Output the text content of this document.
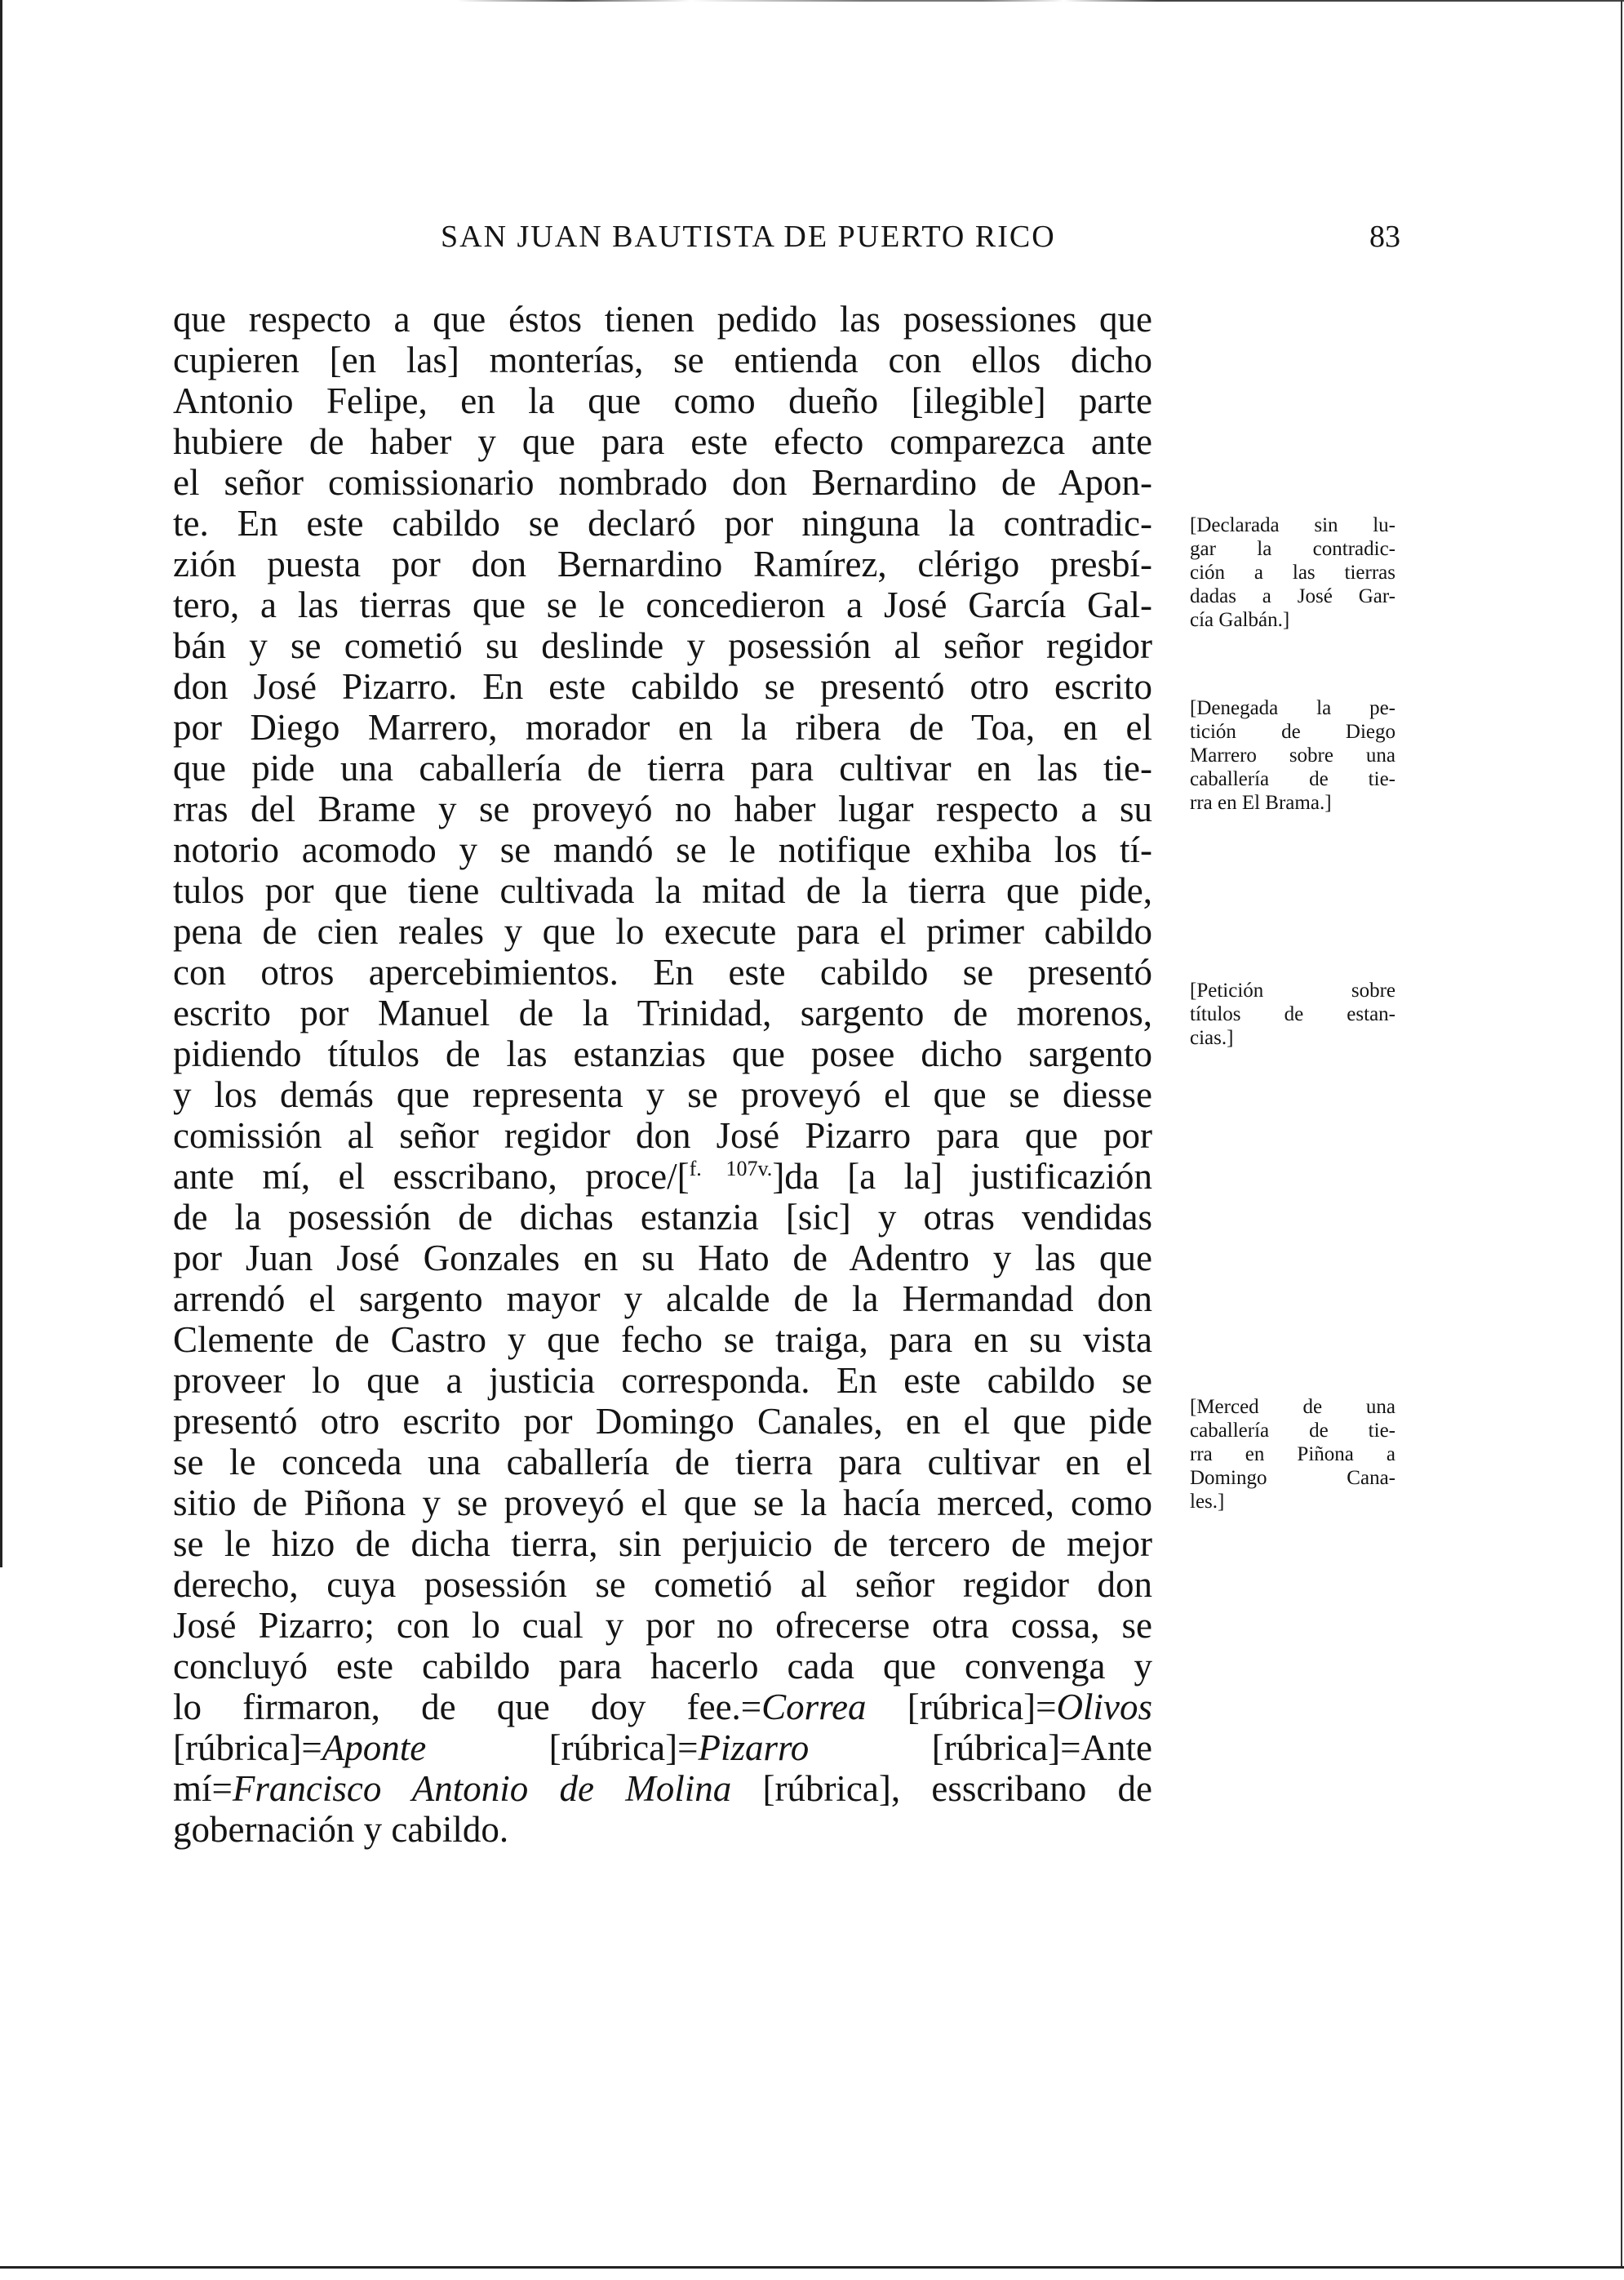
SAN JUAN BAUTISTA DE PUERTO RICO	83
que respecto a que éstos tienen pedido las posessiones que
cupieren [en las] monterías, se entienda con ellos dicho
Antonio Felipe, en la que como dueño [ilegible] parte
hubiere de haber y que para este efecto comparezca ante
el señor comissionario nombrado don Bernardino de Apon-
te. En este cabildo se declaró por ninguna la contradic-
zión puesta por don Bernardino Ramírez, clérigo presbí-
tero, a las tierras que se le concedieron a José García Gal-
bán y se cometió su deslinde y posessión al señor regidor
don José Pizarro. En este cabildo se presentó otro escrito
por Diego Marrero, morador en la ribera de Toa, en el
que pide una caballería de tierra para cultivar en las tie-
rras del Brame y se proveyó no haber lugar respecto a su
notorio acomodo y se mandó se le notifique exhiba los tí-
tulos por que tiene cultivada la mitad de la tierra que pide,
pena de cien reales y que lo execute para el primer cabildo
con otros apercebimientos. En este cabildo se presentó
escrito por Manuel de la Trinidad, sargento de morenos,
pidiendo títulos de las estanzias que posee dicho sargento
y los demás que representa y se proveyó el que se diesse
comissión al señor regidor don José Pizarro para que por
ante mí, el esscribano, proce/[$^{f. 107v.}$]da [a la] justificazión
de la posessión de dichas estanzia [sic] y otras vendidas
por Juan José Gonzales en su Hato de Adentro y las que
arrendó el sargento mayor y alcalde de la Hermandad don
Clemente de Castro y que fecho se traiga, para en su vista
proveer lo que a justicia corresponda. En este cabildo se
presentó otro escrito por Domingo Canales, en el que pide
se le conceda una caballería de tierra para cultivar en el
sitio de Piñona y se proveyó el que se la hacía merced, como
se le hizo de dicha tierra, sin perjuicio de tercero de mejor
derecho, cuya posessión se cometió al señor regidor don
José Pizarro; con lo cual y por no ofrecerse otra cossa, se
concluyó este cabildo para hacerlo cada que convenga y
lo firmaron, de que doy fee.=Correa [rúbrica]=Olivos
[rúbrica]=Aponte [rúbrica]=Pizarro [rúbrica]=Ante
mí=Francisco Antonio de Molina [rúbrica], esscribano de
gobernación y cabildo.
[Declarada sin lu-
gar la contradic-
ción a las tierras
dadas a José Gar-
cía Galbán.]
[Denegada la pe-
tición de Diego
Marrero sobre una
caballería de tie-
rra en El Brama.]
[Petición sobre
títulos de estan-
cias.]
[Merced de una
caballería de tie-
rra en Piñona a
Domingo Cana-
les.]
